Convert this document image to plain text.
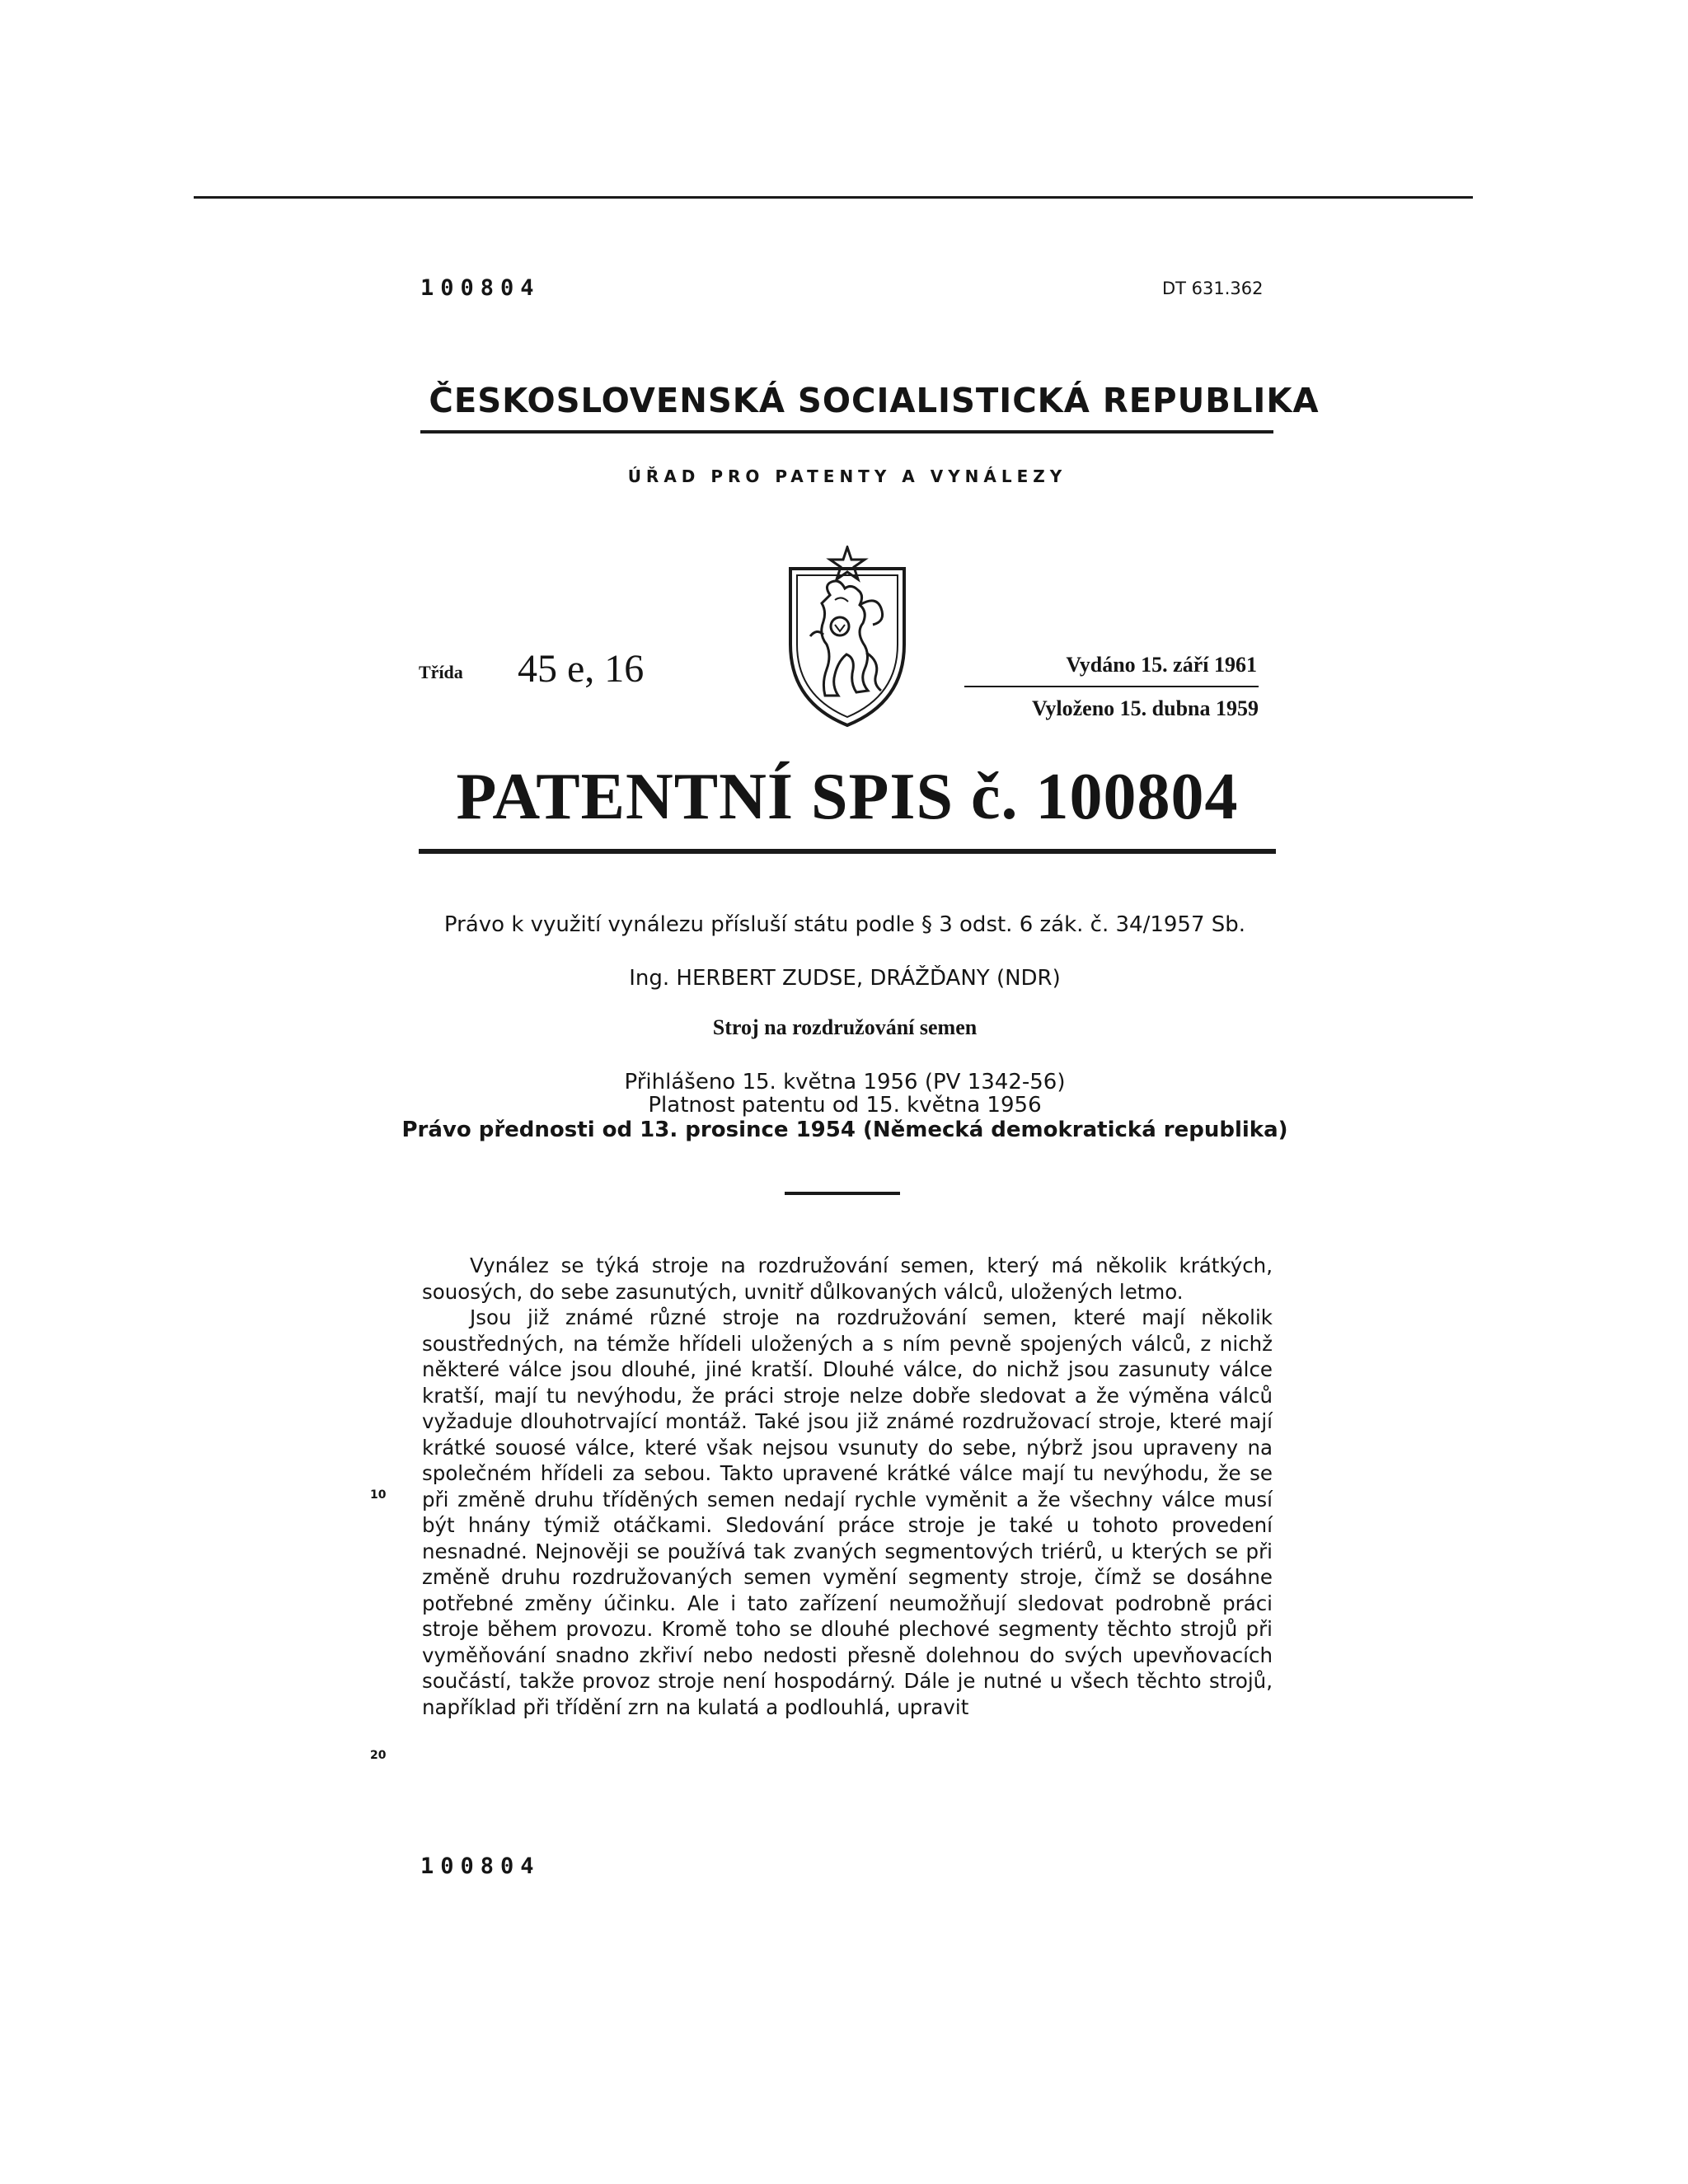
100804	DT 631.362
ČESKOSLOVENSKÁ SOCIALISTICKÁ REPUBLIKA
ÚŘAD PRO PATENTY A VYNÁLEZY
Třída 45 e, 16	Vydáno 15. září 1961
Vyloženo 15. dubna 1959
PATENTNÍ SPIS č. 100804
Právo k využití vynálezu přísluší státu podle § 3 odst. 6 zák. č. 34/1957 Sb.
Ing. HERBERT ZUDSE, DRÁŽĎANY (NDR)
Stroj na rozdružování semen
Přihlášeno 15. května 1956 (PV 1342-56)
Platnost patentu od 15. května 1956
Právo přednosti od 13. prosince 1954 (Německá demokratická republika)

Vynález se týká stroje na rozdružování semen, který má několik krátkých, souosých, do sebe zasunutých, uvnitř důlkovaných válců, uložených letmo.

Jsou již známé různé stroje na rozdružování semen, které mají několik soustředných, na témže hřídeli uložených a s ním pevně spojených válců, z nichž některé válce jsou dlouhé, jiné kratší. Dlouhé válce, do nichž jsou zasunuty válce kratší, mají tu nevýhodu, že práci stroje nelze dobře sledovat a že výměna válců vyžaduje dlouhotrvající montáž. Také jsou již známé rozdružovací stroje, které mají krátké souosé válce, které však nejsou vsunuty do sebe, nýbrž jsou upraveny na společném hřídeli za sebou. Takto upravené krátké válce mají tu nevýhodu, že se při změně druhu tříděných semen nedají rychle vyměnit a že všechny válce musí být hnány týmiž otáčkami. Sledování práce stroje je také u tohoto provedení nesnadné. Nejnověji se používá tak zvaných segmentových triérů, u kterých se při změně druhu rozdružovaných semen vymění segmenty stroje, čímž se dosáhne potřebné změny účinku. Ale i tato zařízení neumožňují sledovat podrobně práci stroje během provozu. Kromě toho se dlouhé plechové segmenty těchto strojů při vyměňování snadno zkřiví nebo nedosti přesně dolehnou do svých upevňovacích součástí, takže provoz stroje není hospodárný. Dále je nutné u všech těchto strojů, například při třídění zrn na kulatá a podlouhlá, upravit

10
20
100804
